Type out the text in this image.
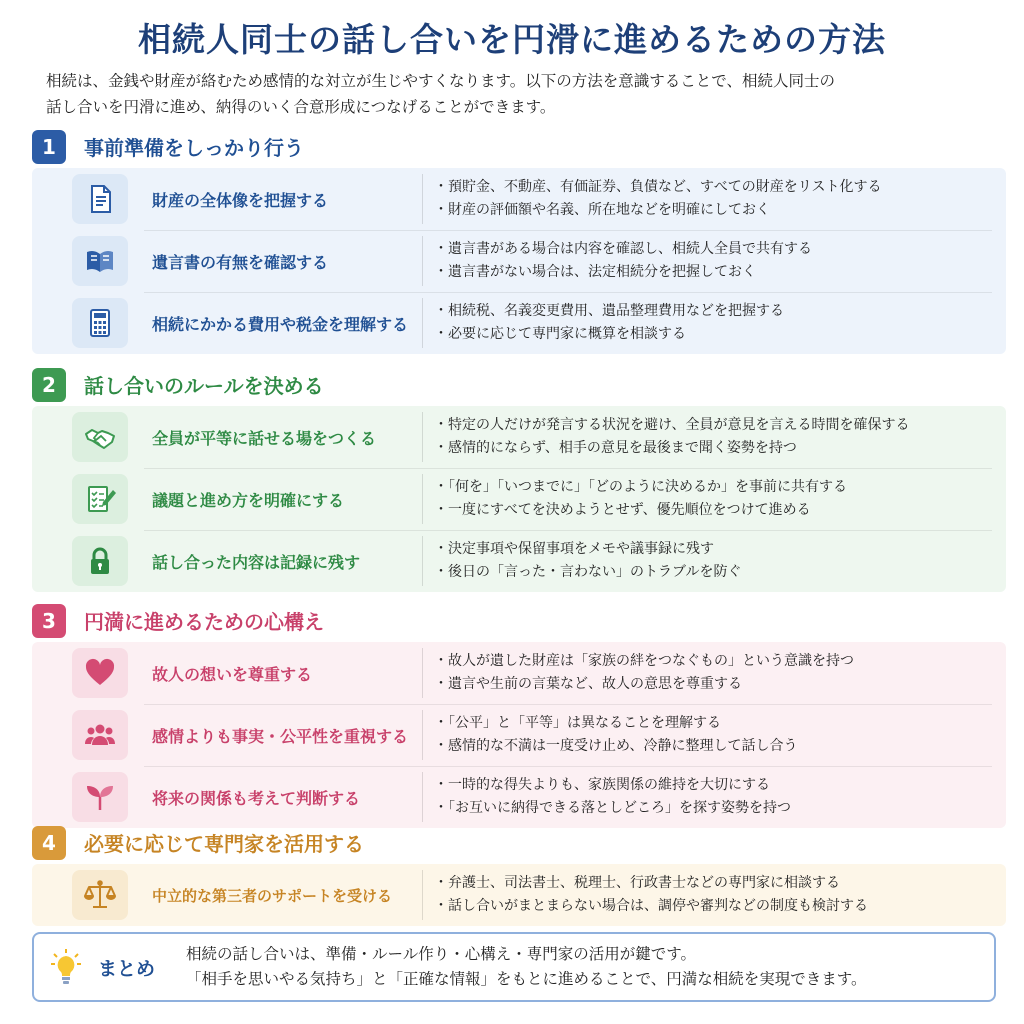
相続人同士の話し合いを円滑に進めるための方法
相続は、金銭や財産が絡むため感情的な対立が生じやすくなります。以下の方法を意識することで、相続人同士の
話し合いを円滑に進め、納得のいく合意形成につなげることができます。
1	事前準備をしっかり行う
財産の全体像を把握する
・預貯金、不動産、有価証券、負債など、すべての財産をリスト化する
・財産の評価額や名義、所在地などを明確にしておく
遺言書の有無を確認する
・遺言書がある場合は内容を確認し、相続人全員で共有する
・遺言書がない場合は、法定相続分を把握しておく
相続にかかる費用や税金を理解する
・相続税、名義変更費用、遺品整理費用などを把握する
・必要に応じて専門家に概算を相談する
2	話し合いのルールを決める
全員が平等に話せる場をつくる
・特定の人だけが発言する状況を避け、全員が意見を言える時間を確保する
・感情的にならず、相手の意見を最後まで聞く姿勢を持つ
議題と進め方を明確にする
・「何を」「いつまでに」「どのように決めるか」を事前に共有する
・一度にすべてを決めようとせず、優先順位をつけて進める
話し合った内容は記録に残す
・決定事項や保留事項をメモや議事録に残す
・後日の「言った・言わない」のトラブルを防ぐ
3	円満に進めるための心構え
故人の想いを尊重する
・故人が遺した財産は「家族の絆をつなぐもの」という意識を持つ
・遺言や生前の言葉など、故人の意思を尊重する
感情よりも事実・公平性を重視する
・「公平」と「平等」は異なることを理解する
・感情的な不満は一度受け止め、冷静に整理して話し合う
将来の関係も考えて判断する
・一時的な得失よりも、家族関係の維持を大切にする
・「お互いに納得できる落としどころ」を探す姿勢を持つ
4	必要に応じて専門家を活用する
中立的な第三者のサポートを受ける
・弁護士、司法書士、税理士、行政書士などの専門家に相談する
・話し合いがまとまらない場合は、調停や審判などの制度も検討する
まとめ
相続の話し合いは、準備・ルール作り・心構え・専門家の活用が鍵です。
「相手を思いやる気持ち」と「正確な情報」をもとに進めることで、円満な相続を実現できます。
